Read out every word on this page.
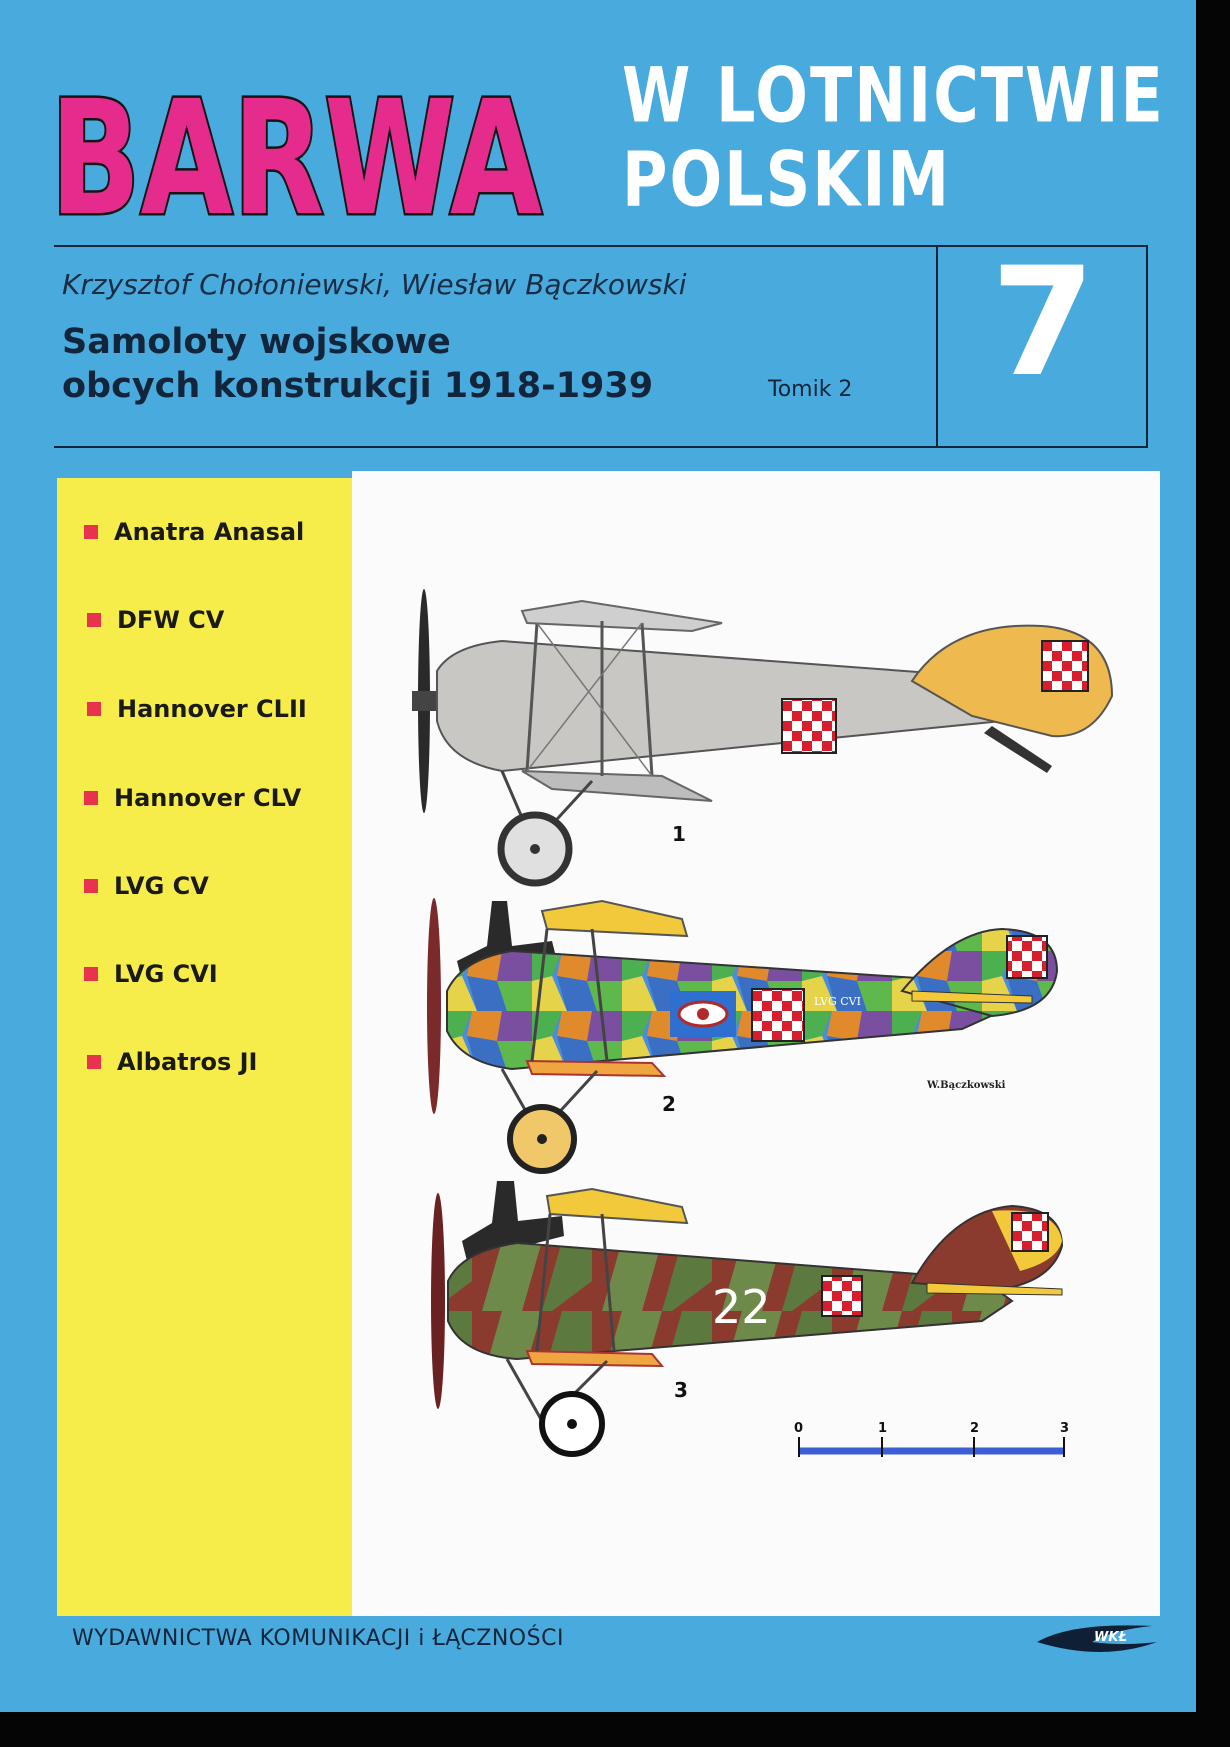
BARWA W LOTNICTWIE

POLSKIM

Krzysztof Chołoniewski, Wiesław Bączkowski

Samoloty wojskowe
obcych konstrukcji 1918-1939	Tomik 2 7

Anatra Anasal
DFW CV
Hannover CLII
Hannover CLV
LVG CV
LVG CVI
Albatros JI
1
LVG CVI
2
W.Bączkowski
22
3
0	1	2	3

WYDAWNICTWA KOMUNIKACJI i ŁĄCZNOŚCI	WKŁ
